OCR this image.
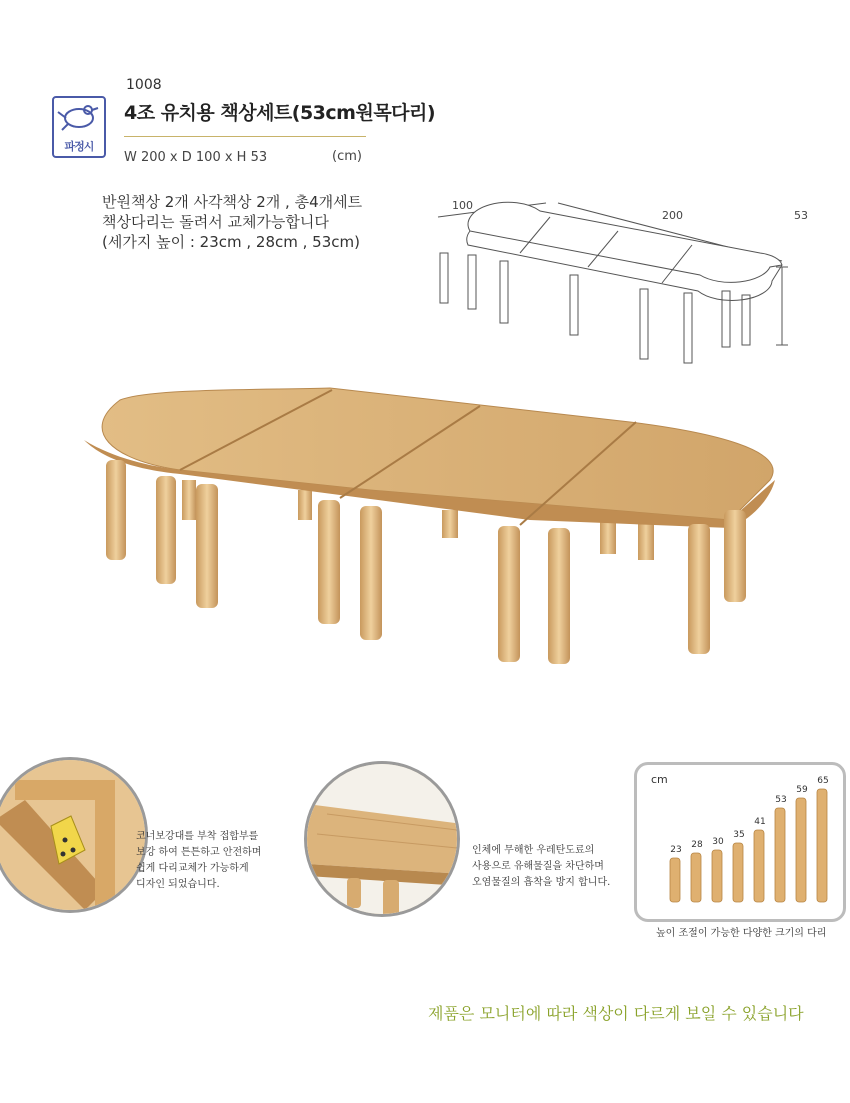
파정시
1008
4조 유치용 책상세트(53cm원목다리)
W 200 x D 100 x H 53	(cm)
반원책상 2개 사각책상 2개 , 총4개세트
책상다리는 돌려서 교체가능합니다
(세가지 높이 : 23cm , 28cm , 53cm)
100
200	53
코너보강대를 부착 접합부를
보강 하여 튼튼하고 안전하며
쉽게 다리교체가 가능하게
디자인 되었습니다.
인체에 무해한 우레탄도료의
사용으로 유해물질을 차단하며
오염물질의 흡착을 방지 합니다.
cm
23	28	30
35
41
53
59
65
높이 조절이 가능한 다양한 크기의 다리
제품은 모니터에 따라 색상이 다르게 보일 수 있습니다
